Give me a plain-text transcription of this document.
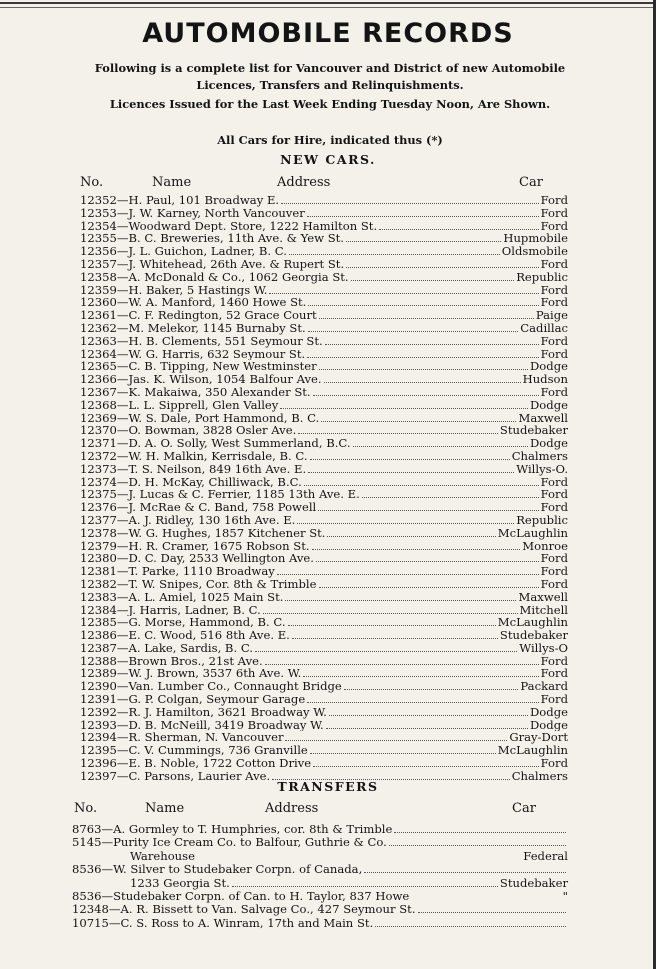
AUTOMOBILE RECORDS

Following is a complete list for Vancouver and District of new Automobile Licences, Transfers and Relinquishments.

Licences Issued for the Last Week Ending Tuesday Noon, Are Shown.

All Cars for Hire, indicated thus (*)

NEW CARS.
No.	Name	Address	Car
12352—H. Paul, 101 Broadway E.	Ford
12353—J. W. Karney, North Vancouver	Ford
12354—Woodward Dept. Store, 1222 Hamilton St.	Ford
12355—B. C. Breweries, 11th Ave. & Yew St.	Hupmobile
12356—J. L. Guichon, Ladner, B. C.	Oldsmobile
12357—J. Whitehead, 26th Ave. & Rupert St.	Ford
12358—A. McDonald & Co., 1062 Georgia St.	Republic
12359—H. Baker, 5 Hastings W.	Ford
12360—W. A. Manford, 1460 Howe St.	Ford
12361—C. F. Redington, 52 Grace Court	Paige
12362—M. Melekor, 1145 Burnaby St.	Cadillac
12363—H. B. Clements, 551 Seymour St.	Ford
12364—W. G. Harris, 632 Seymour St.	Ford
12365—C. B. Tipping, New Westminster	Dodge
12366—Jas. K. Wilson, 1054 Balfour Ave.	Hudson
12367—K. Makaiwa, 350 Alexander St.	Ford
12368—L. L. Sipprell, Glen Valley	Dodge
12369—W. S. Dale, Port Hammond, B. C.	Maxwell
12370—O. Bowman, 3828 Osler Ave.	Studebaker
12371—D. A. O. Solly, West Summerland, B.C.	Dodge
12372—W. H. Malkin, Kerrisdale, B. C.	Chalmers
12373—T. S. Neilson, 849 16th Ave. E.	Willys-O.
12374—D. H. McKay, Chilliwack, B.C.	Ford
12375—J. Lucas & C. Ferrier, 1185 13th Ave. E.	Ford
12376—J. McRae & C. Band, 758 Powell	Ford
12377—A. J. Ridley, 130 16th Ave. E.	Republic
12378—W. G. Hughes, 1857 Kitchener St.	McLaughlin
12379—H. R. Cramer, 1675 Robson St.	Monroe
12380—D. C. Day, 2533 Wellington Ave.	Ford
12381—T. Parke, 1110 Broadway	Ford
12382—T. W. Snipes, Cor. 8th & Trimble	Ford
12383—A. L. Amiel, 1025 Main St.	Maxwell
12384—J. Harris, Ladner, B. C.	Mitchell
12385—G. Morse, Hammond, B. C.	McLaughlin
12386—E. C. Wood, 516 8th Ave. E.	Studebaker
12387—A. Lake, Sardis, B. C.	Willys-O
12388—Brown Bros., 21st Ave.	Ford
12389—W. J. Brown, 3537 6th Ave. W.	Ford
12390—Van. Lumber Co., Connaught Bridge	Packard
12391—G. P. Colgan, Seymour Garage	Ford
12392—R. J. Hamilton, 3621 Broadway W.	Dodge
12393—D. B. McNeill, 3419 Broadway W.	Dodge
12394—R. Sherman, N. Vancouver	Gray-Dort
12395—C. V. Cummings, 736 Granville	McLaughlin
12396—E. B. Noble, 1722 Cotton Drive	Ford
12397—C. Parsons, Laurier Ave.	Chalmers
TRANSFERS
No.	Name	Address	Car
8763—A. Gormley to T. Humphries, cor. 8th & Trimble
5145—Purity Ice Cream Co. to Balfour, Guthrie & Co.
Warehouse	Federal
8536—W. Silver to Studebaker Corpn. of Canada,
1233 Georgia St.	Studebaker
8536—Studebaker Corpn. of Can. to H. Taylor, 837 Howe	"
12348—A. R. Bissett to Van. Salvage Co., 427 Seymour St.
10715—C. S. Ross to A. Winram, 17th and Main St.
